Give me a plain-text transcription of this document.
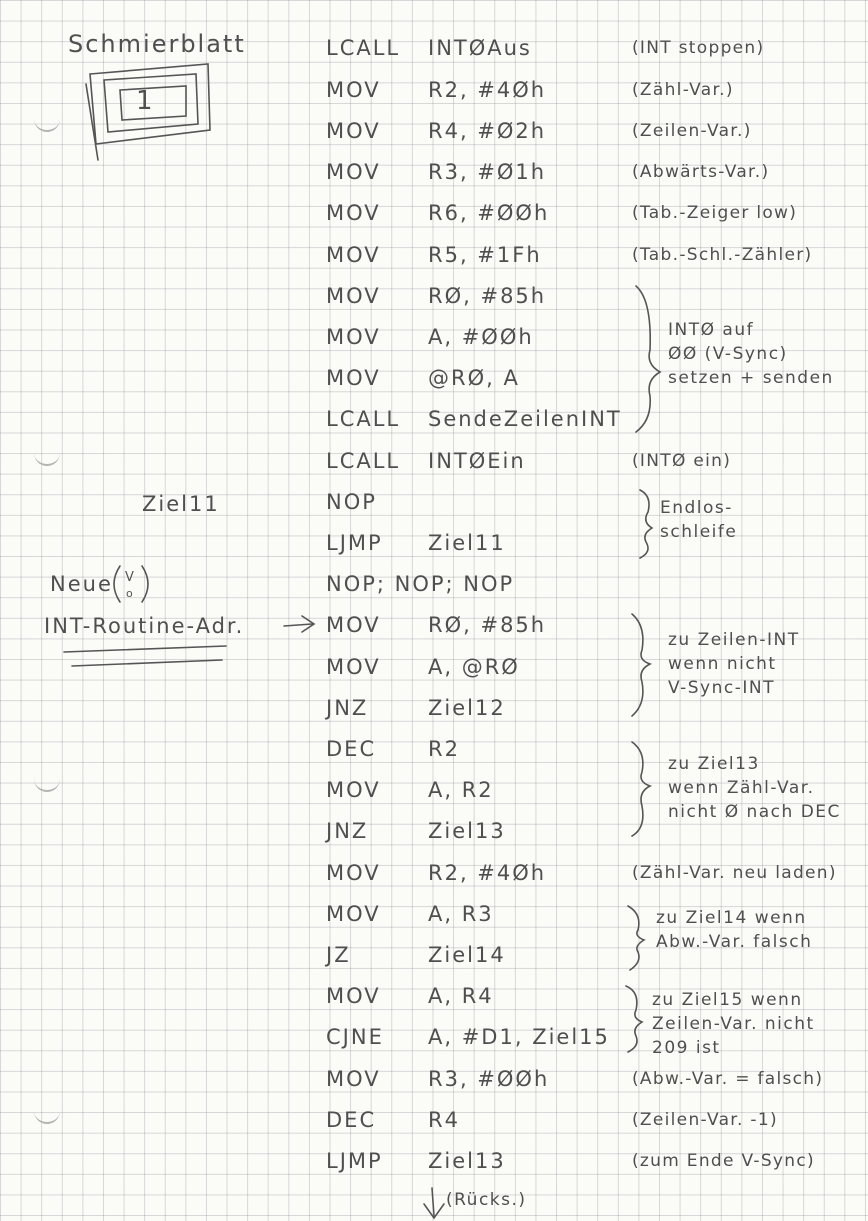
Schmierblatt
1
Ziel11
Neue
INT-Routine-Adr.
LCALL INTØAus	(INT stoppen)
MOV R2, #4Øh	(Zähl-Var.)
MOV R4, #Ø2h	(Zeilen-Var.)
MOV R3, #Ø1h	(Abwärts-Var.)
MOV R6, #ØØh	(Tab.-Zeiger low)
MOV R5, #1Fh	(Tab.-Schl.-Zähler)
MOV RØ, #85h
MOV A, #ØØh
MOV @RØ, A
LCALL SendeZeilenINT
LCALL INTØEin	(INTØ ein)
NOP
LJMP Ziel11
NOP; NOP; NOP
MOV RØ, #85h
MOV A, @RØ
JNZ	Ziel12
DEC R2
MOV A, R2
JNZ	Ziel13
MOV R2, #4Øh	(Zähl-Var. neu laden)
MOV A, R3
JZ	Ziel14
MOV A, R4
CJNE A, #D1, Ziel15
MOV R3, #ØØh	(Abw.-Var. = falsch)
DEC R4	(Zeilen-Var. -1)
LJMP Ziel13	(zum Ende V-Sync)
INTØ auf
ØØ (V-Sync)
setzen + senden
Endlos-
schleife
zu Zeilen-INT
wenn nicht
V-Sync-INT
zu Ziel13
wenn Zähl-Var.
nicht Ø nach DEC
zu Ziel14 wenn
Abw.-Var. falsch
zu Ziel15 wenn
Zeilen-Var. nicht
209 ist
(Rücks.)
V
o
